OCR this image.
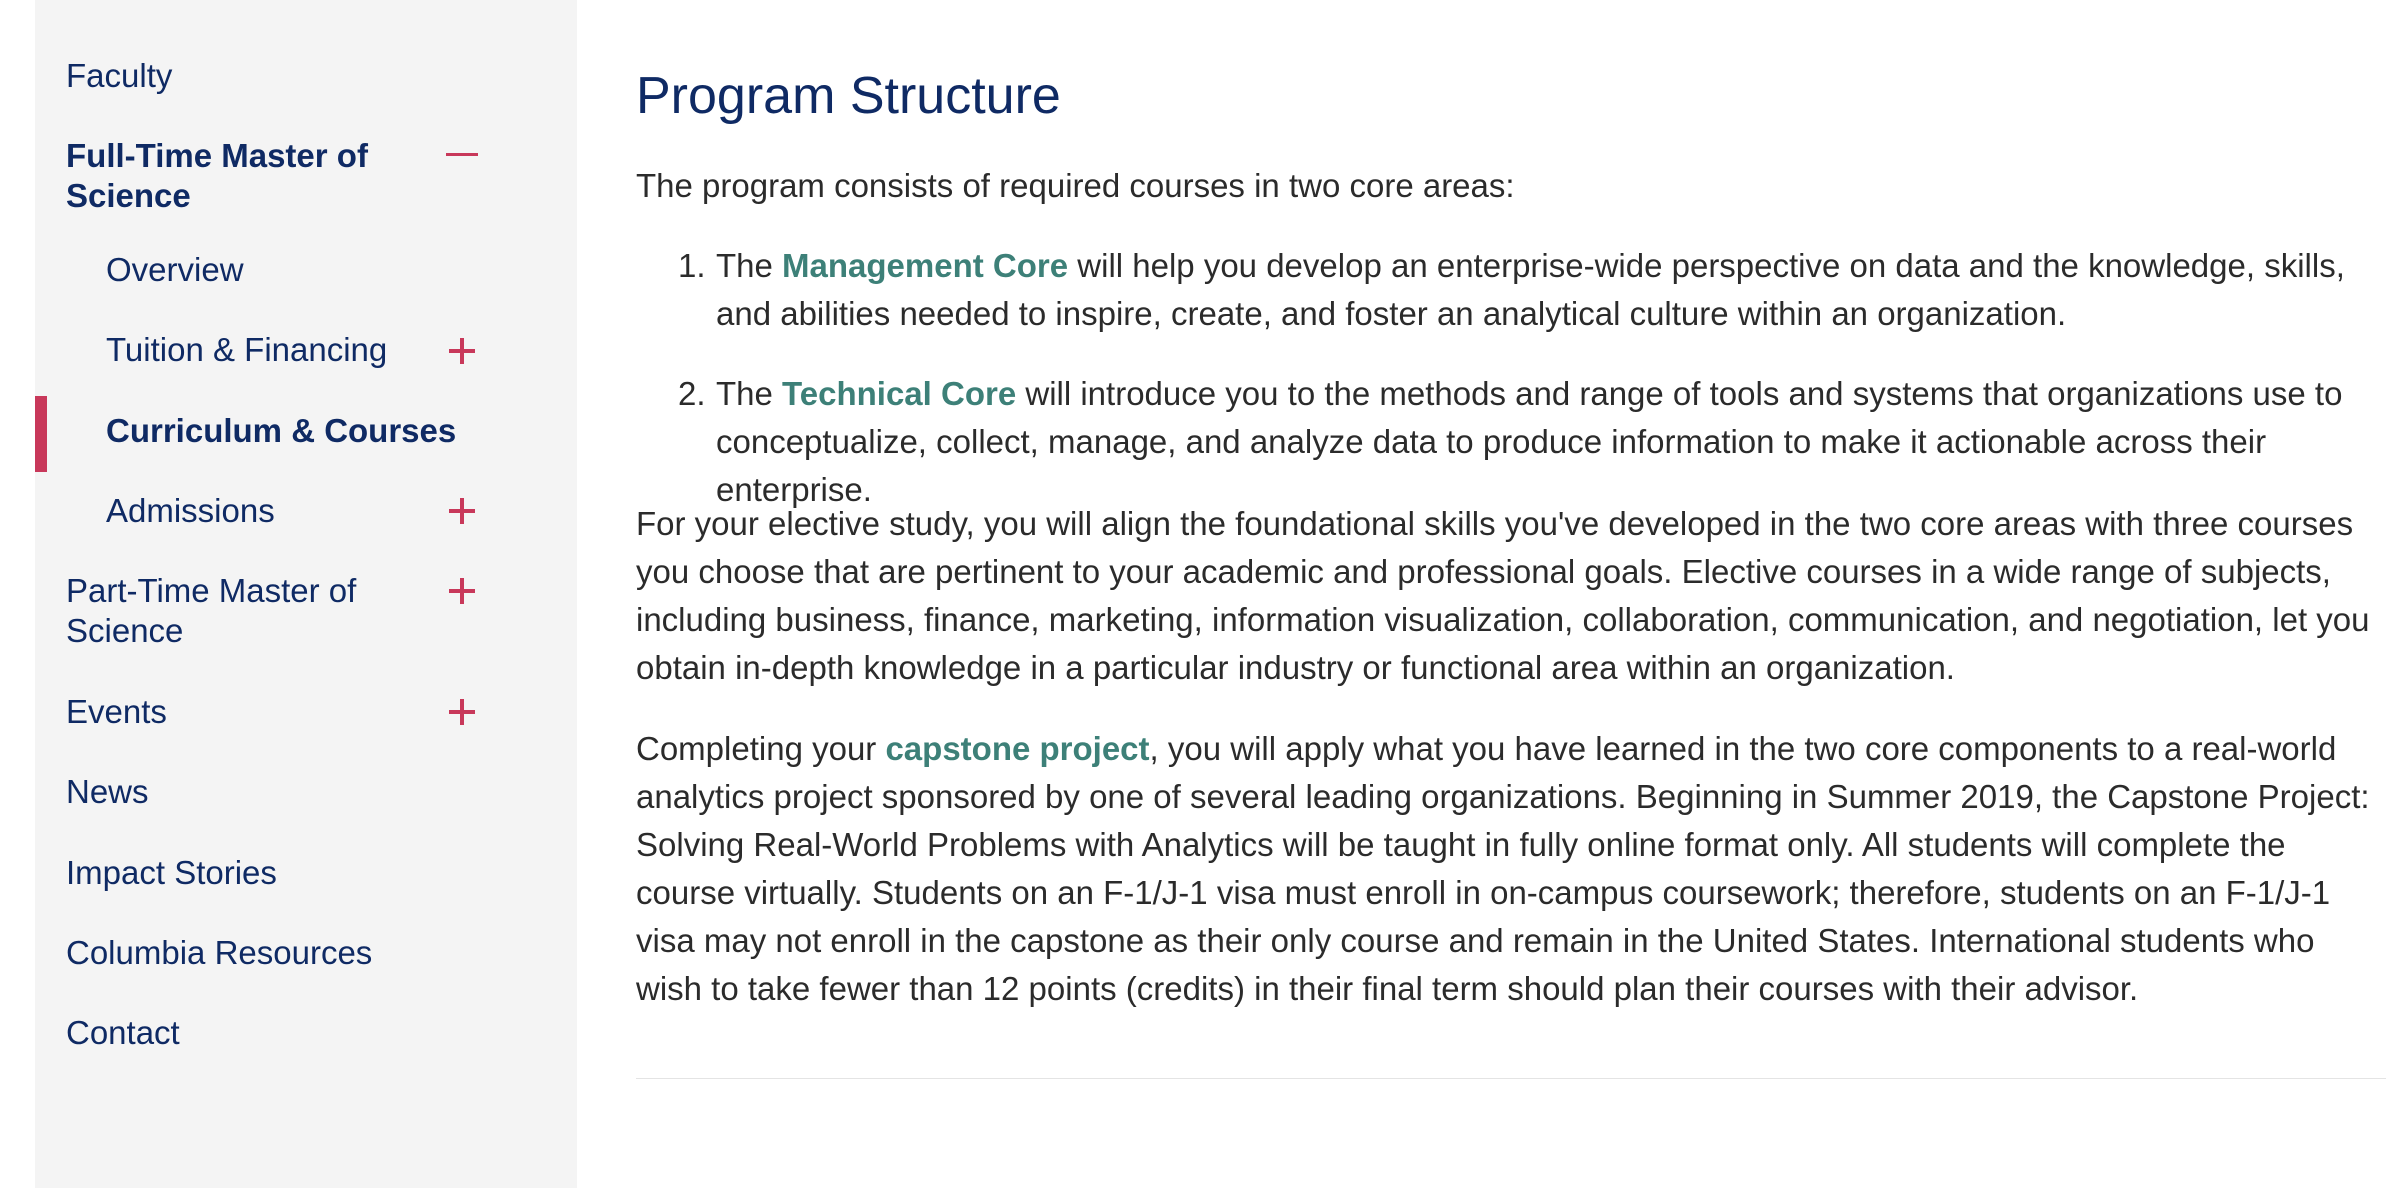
Faculty
Full-Time Master of Science
Overview
Tuition & Financing
Curriculum & Courses
Admissions
Part-Time Master of Science
Events
News
Impact Stories
Columbia Resources
Contact
Program Structure

The program consists of required courses in two core areas:

1. The Management Core will help you develop an enterprise-wide perspective on data and the knowledge, skills, and abilities needed to inspire, create, and foster an analytical culture within an organization.
2. The Technical Core will introduce you to the methods and range of tools and systems that organizations use to conceptualize, collect, manage, and analyze data to produce information to make it actionable across their enterprise.

For your elective study, you will align the foundational skills you've developed in the two core areas with three courses you choose that are pertinent to your academic and professional goals. Elective courses in a wide range of subjects, including business, finance, marketing, information visualization, collaboration, communication, and negotiation, let you obtain in-depth knowledge in a particular industry or functional area within an organization.

Completing your capstone project, you will apply what you have learned in the two core components to a real-world analytics project sponsored by one of several leading organizations. Beginning in Summer 2019, the Capstone Project: Solving Real-World Problems with Analytics will be taught in fully online format only. All students will complete the course virtually. Students on an F-1/J-1 visa must enroll in on-campus coursework; therefore, students on an F-1/J-1 visa may not enroll in the capstone as their only course and remain in the United States. International students who wish to take fewer than 12 points (credits) in their final term should plan their courses with their advisor.
